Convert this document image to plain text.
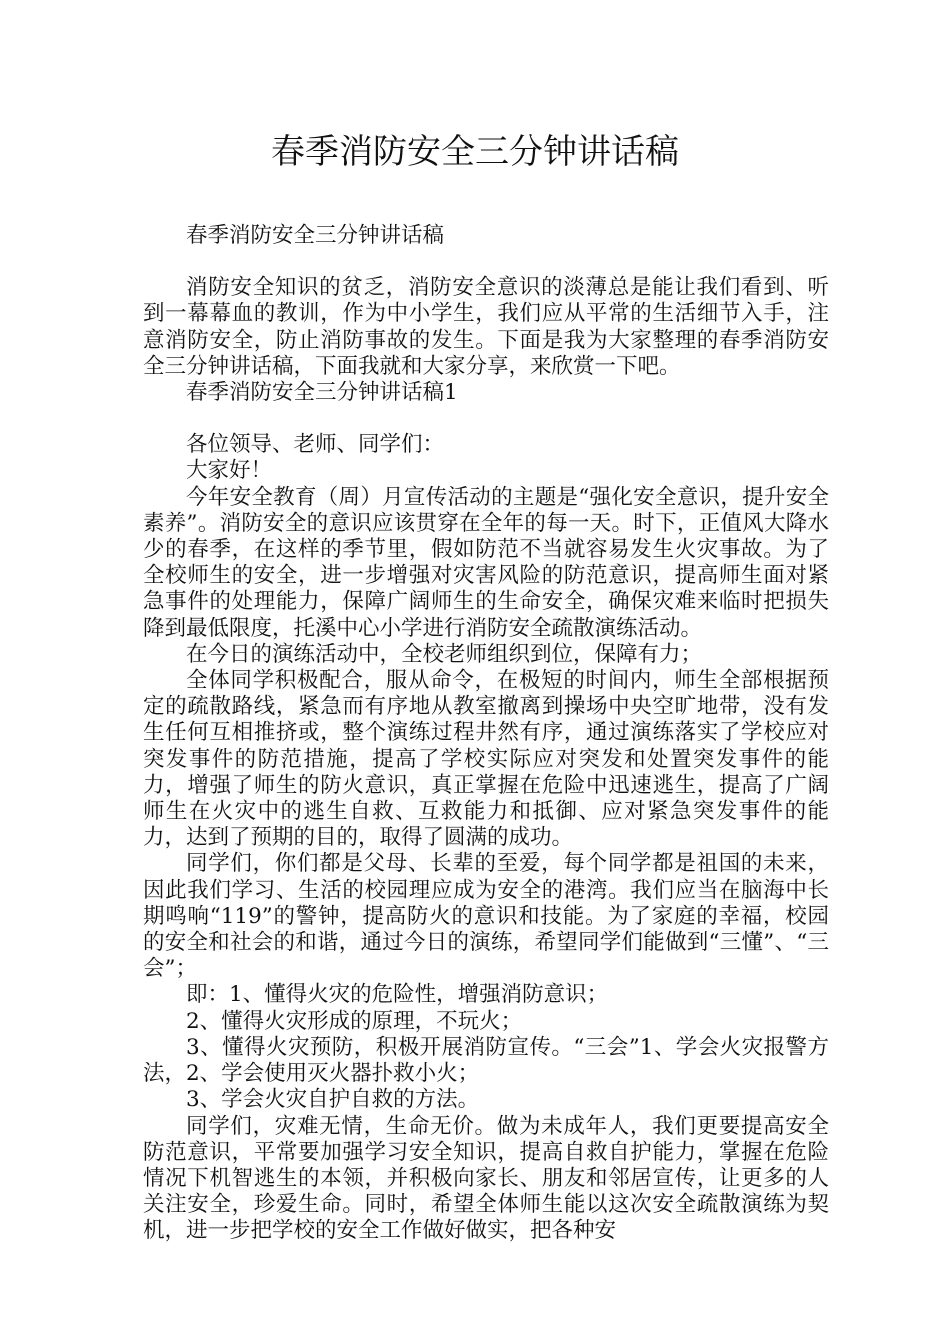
春季消防安全三分钟讲话稿

春季消防安全三分钟讲话稿

消防安全知识的贫乏，消防安全意识的淡薄总是能让我们看到、听到一幕幕血的教训，作为中小学生，我们应从平常的生活细节入手，注意消防安全，防止消防事故的发生。下面是我为大家整理的春季消防安全三分钟讲话稿，下面我就和大家分享，来欣赏一下吧。

春季消防安全三分钟讲话稿1

各位领导、老师、同学们：

大家好！

今年安全教育（周）月宣传活动的主题是“强化安全意识，提升安全素养”。消防安全的意识应该贯穿在全年的每一天。时下，正值风大降水少的春季，在这样的季节里，假如防范不当就容易发生火灾事故。为了全校师生的安全，进一步增强对灾害风险的防范意识，提高师生面对紧急事件的处理能力，保障广阔师生的生命安全，确保灾难来临时把损失降到最低限度，托溪中心小学进行消防安全疏散演练活动。

在今日的演练活动中，全校老师组织到位，保障有力；

全体同学积极配合，服从命令，在极短的时间内，师生全部根据预定的疏散路线，紧急而有序地从教室撤离到操场中央空旷地带，没有发生任何互相推挤或，整个演练过程井然有序，通过演练落实了学校应对突发事件的防范措施，提高了学校实际应对突发和处置突发事件的能力，增强了师生的防火意识，真正掌握在危险中迅速逃生，提高了广阔师生在火灾中的逃生自救、互救能力和抵御、应对紧急突发事件的能力，达到了预期的目的，取得了圆满的成功。

同学们，你们都是父母、长辈的至爱，每个同学都是祖国的未来，因此我们学习、生活的校园理应成为安全的港湾。我们应当在脑海中长期鸣响“119”的警钟，提高防火的意识和技能。为了家庭的幸福，校园的安全和社会的和谐，通过今日的演练，希望同学们能做到“三懂”、“三会”；

即：1、懂得火灾的危险性，增强消防意识；

2、懂得火灾形成的原理，不玩火；

3、懂得火灾预防，积极开展消防宣传。“三会”1、学会火灾报警方法，2、学会使用灭火器扑救小火；

3、学会火灾自护自救的方法。

同学们，灾难无情，生命无价。做为未成年人，我们更要提高安全防范意识，平常要加强学习安全知识，提高自救自护能力，掌握在危险情况下机智逃生的本领，并积极向家长、朋友和邻居宣传，让更多的人关注安全，珍爱生命。同时，希望全体师生能以这次安全疏散演练为契机，进一步把学校的安全工作做好做实，把各种安
